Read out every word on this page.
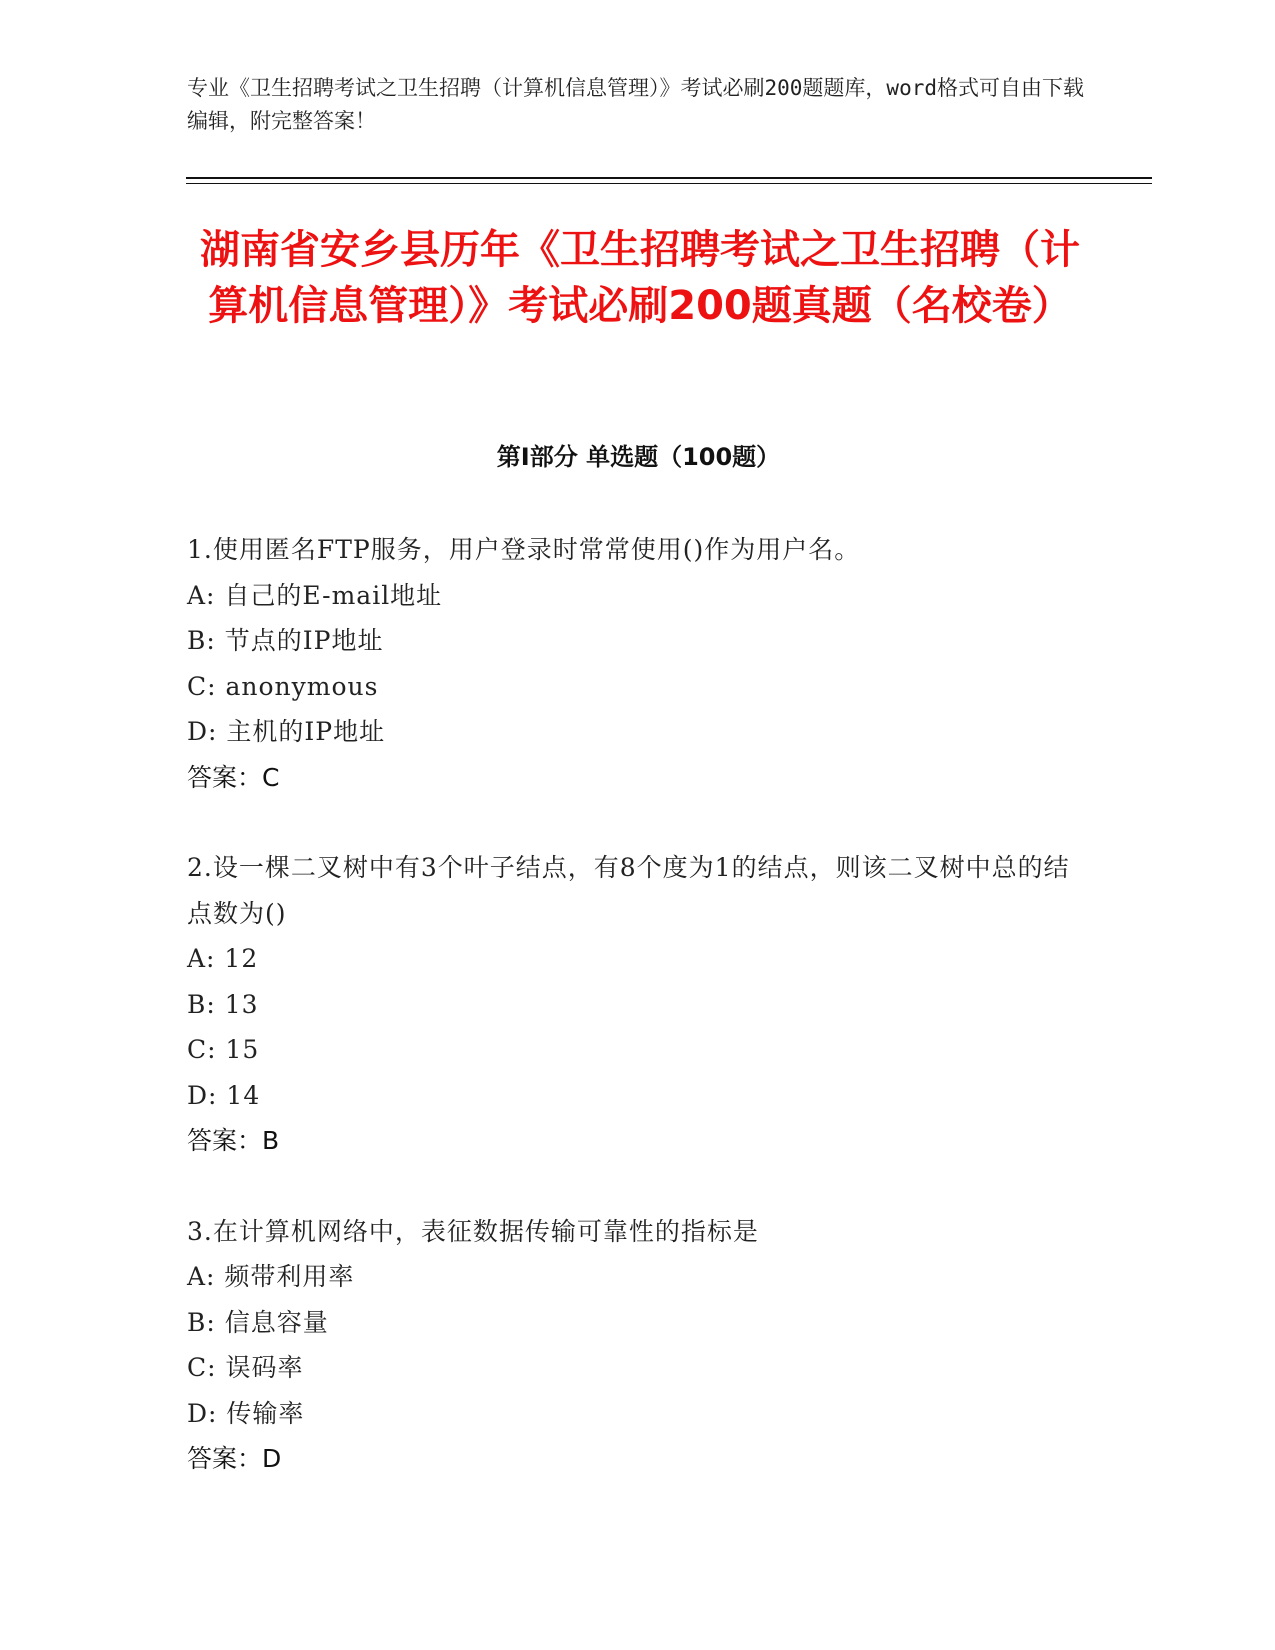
专业《卫生招聘考试之卫生招聘（计算机信息管理）》考试必刷200题题库，word格式可自由下载编辑，附完整答案！
湖南省安乡县历年《卫生招聘考试之卫生招聘（计算机信息管理）》考试必刷200题真题（名校卷）
第Ⅰ部分 单选题（100题）

1.使用匿名FTP服务，用户登录时常常使用()作为用户名。

A: 自己的E-mail地址

B: 节点的IP地址

C: anonymous

D: 主机的IP地址

答案：C

2.设一棵二叉树中有3个叶子结点，有8个度为1的结点，则该二叉树中总的结点数为()

A: 12

B: 13

C: 15

D: 14

答案：B

3.在计算机网络中，表征数据传输可靠性的指标是

A: 频带利用率

B: 信息容量

C: 误码率

D: 传输率

答案：D
